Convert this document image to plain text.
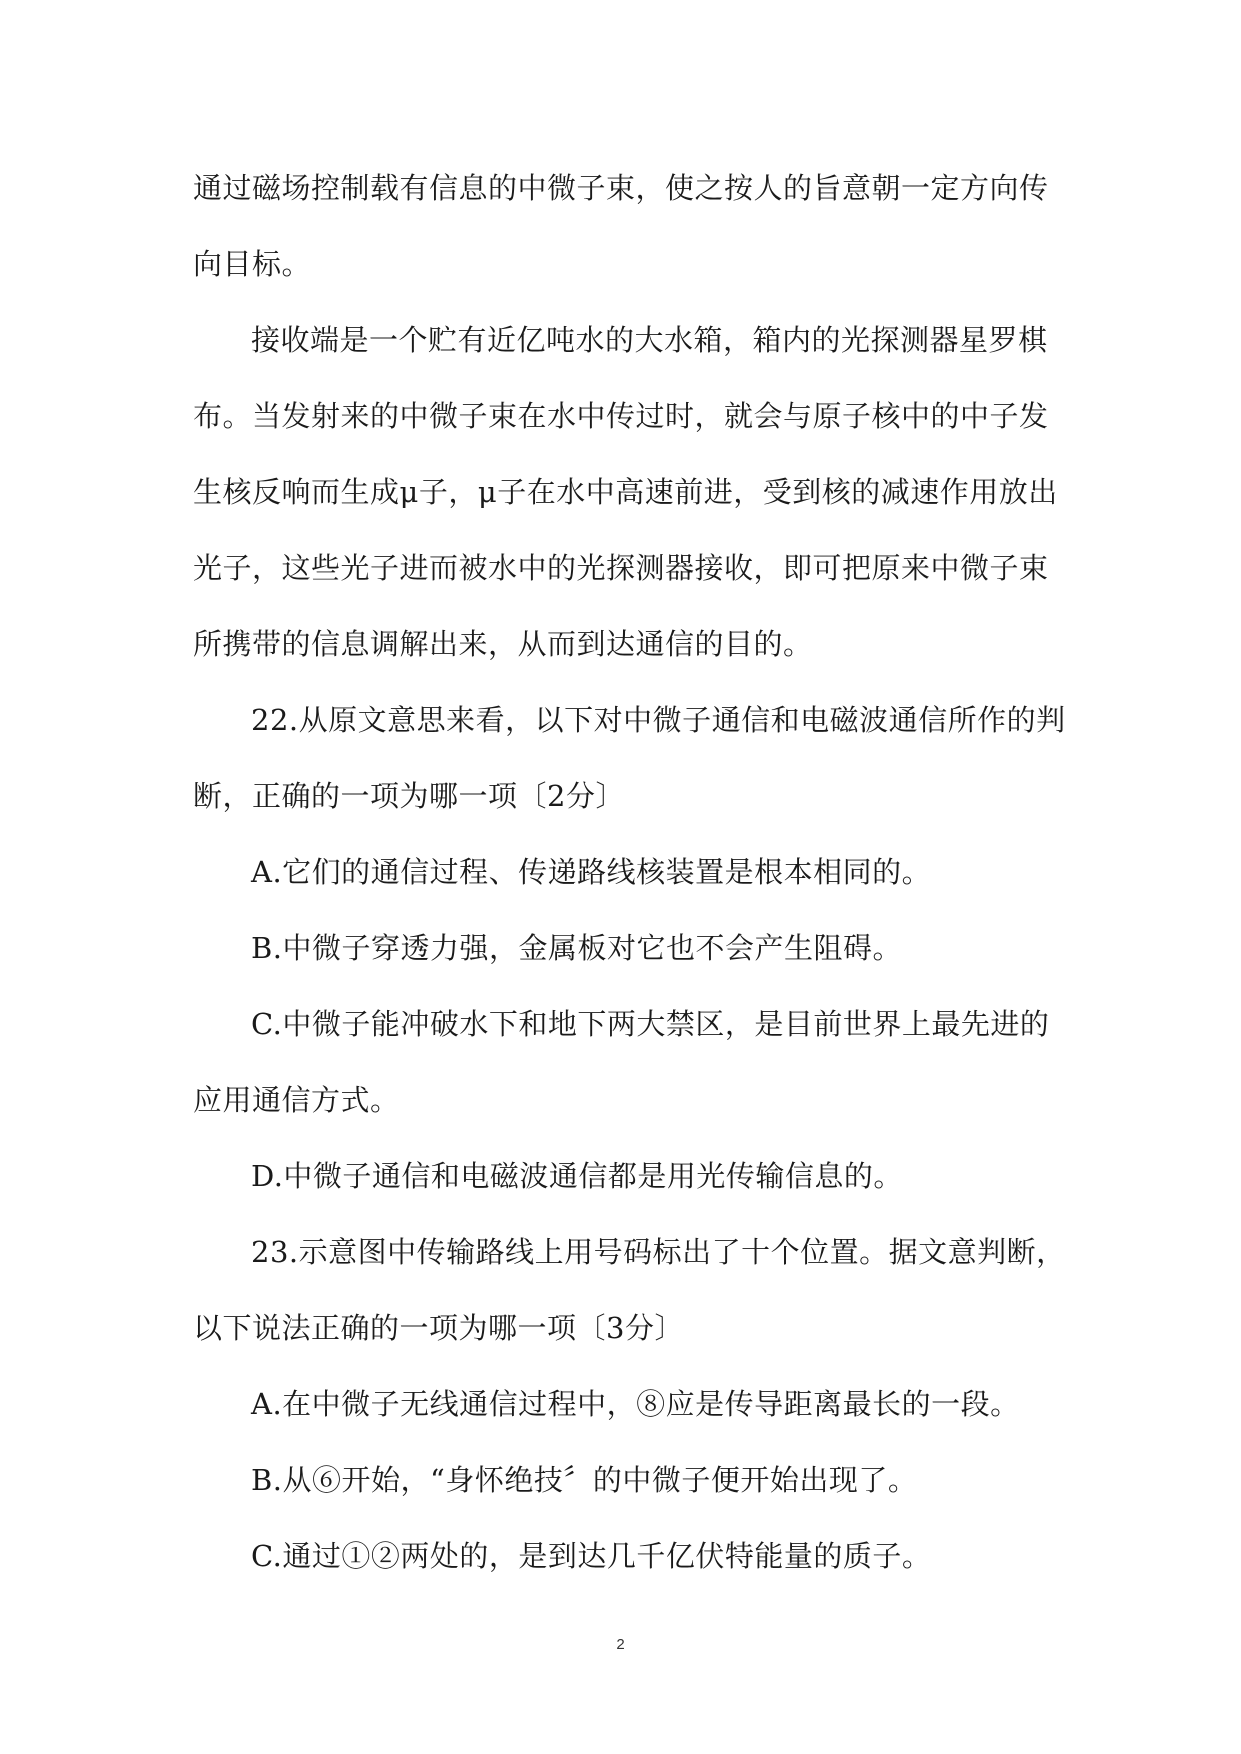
通过磁场控制载有信息的中微子束，使之按人的旨意朝一定方向传
向目标。
接收端是一个贮有近亿吨水的大水箱，箱内的光探测器星罗棋
布。当发射来的中微子束在水中传过时，就会与原子核中的中子发
生核反响而生成μ子，μ子在水中高速前进，受到核的减速作用放出
光子，这些光子进而被水中的光探测器接收，即可把原来中微子束
所携带的信息调解出来，从而到达通信的目的。
22.从原文意思来看，以下对中微子通信和电磁波通信所作的判
断，正确的一项为哪一项〔2分〕
A.它们的通信过程、传递路线核装置是根本相同的。
B.中微子穿透力强，金属板对它也不会产生阻碍。
C.中微子能冲破水下和地下两大禁区，是目前世界上最先进的
应用通信方式。
D.中微子通信和电磁波通信都是用光传输信息的。
23.示意图中传输路线上用号码标出了十个位置。据文意判断，
以下说法正确的一项为哪一项〔3分〕
A.在中微子无线通信过程中，⑧应是传导距离最长的一段。
B.从⑥开始，“身怀绝技〞的中微子便开始出现了。
C.通过①②两处的，是到达几千亿伏特能量的质子。
2
